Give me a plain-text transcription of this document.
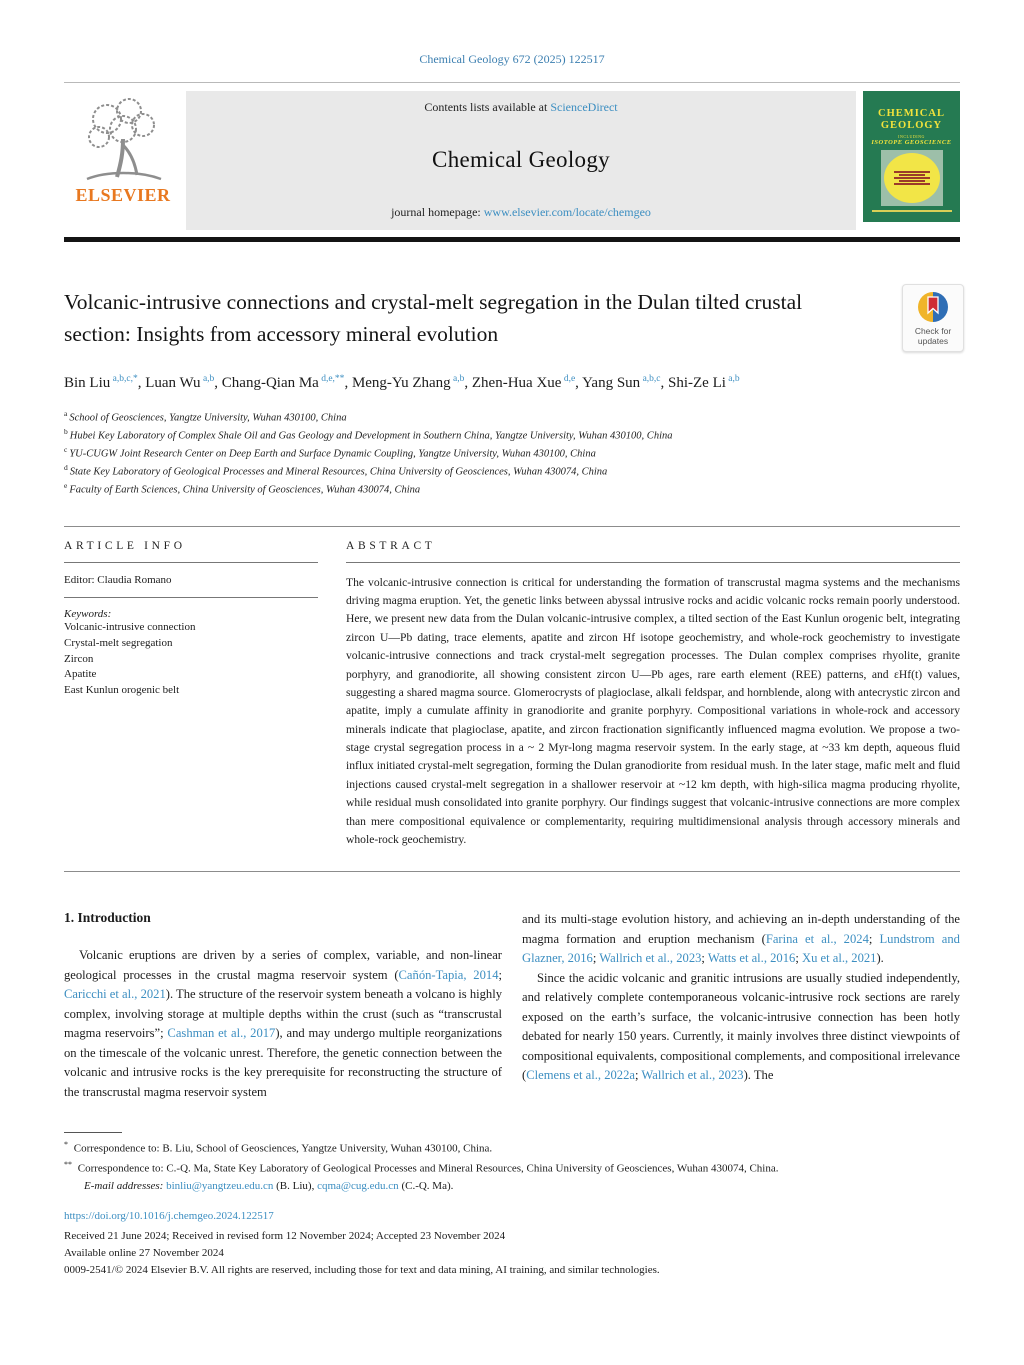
Chemical Geology 672 (2025) 122517
ELSEVIER
Contents lists available at ScienceDirect
Chemical Geology
journal homepage: www.elsevier.com/locate/chemgeo
CHEMICAL
GEOLOGY
INCLUDING
ISOTOPE GEOSCIENCE
Volcanic-intrusive connections and crystal-melt segregation in the Dulan tilted crustal section: Insights from accessory mineral evolution	Check for
updates
Bin Liu $^{a,b,c,*}$, Luan Wu $^{a,b}$, Chang-Qian Ma $^{d,e,**}$, Meng-Yu Zhang $^{a,b}$, Zhen-Hua Xue $^{d,e}$, Yang Sun $^{a,b,c}$, Shi-Ze Li $^{a,b}$
$^a$ School of Geosciences, Yangtze University, Wuhan 430100, China
$^b$ Hubei Key Laboratory of Complex Shale Oil and Gas Geology and Development in Southern China, Yangtze University, Wuhan 430100, China
$^c$ YU-CUGW Joint Research Center on Deep Earth and Surface Dynamic Coupling, Yangtze University, Wuhan 430100, China
$^d$ State Key Laboratory of Geological Processes and Mineral Resources, China University of Geosciences, Wuhan 430074, China
$^e$ Faculty of Earth Sciences, China University of Geosciences, Wuhan 430074, China
ARTICLE INFO
Editor: Claudia Romano
Keywords:
Volcanic-intrusive connection
Crystal-melt segregation
Zircon
Apatite
East Kunlun orogenic belt
ABSTRACT
The volcanic-intrusive connection is critical for understanding the formation of transcrustal magma systems and the mechanisms driving magma eruption. Yet, the genetic links between abyssal intrusive rocks and acidic volcanic rocks remain poorly understood. Here, we present new data from the Dulan volcanic-intrusive complex, a tilted section of the East Kunlun orogenic belt, integrating zircon U—Pb dating, trace elements, apatite and zircon Hf isotope geochemistry, and whole-rock geochemistry to investigate volcanic-intrusive connections and track crystal-melt segregation processes. The Dulan complex comprises rhyolite, granite porphyry, and granodiorite, all showing consistent zircon U—Pb ages, rare earth element (REE) patterns, and εHf(t) values, suggesting a shared magma source. Glomerocrysts of plagioclase, alkali feldspar, and hornblende, along with antecrystic zircon and apatite, imply a cumulate affinity in granodiorite and granite porphyry. Compositional variations in whole-rock and accessory minerals indicate that plagioclase, apatite, and zircon fractionation significantly influenced magma evolution. We propose a two-stage crystal segregation process in a ~ 2 Myr-long magma reservoir system. In the early stage, at ~33 km depth, aqueous fluid influx initiated crystal-melt segregation, forming the Dulan granodiorite from residual mush. In the later stage, mafic melt and fluid injections caused crystal-melt segregation in a shallower reservoir at ~12 km depth, with high-silica magma producing rhyolite, while residual mush consolidated into granite porphyry. Our findings suggest that volcanic-intrusive connections are more complex than mere compositional equivalence or complementarity, requiring multidimensional analysis through accessory minerals and whole-rock geochemistry.
1. Introduction

Volcanic eruptions are driven by a series of complex, variable, and non-linear geological processes in the crustal magma reservoir system (Cañón-Tapia, 2014; Caricchi et al., 2021). The structure of the reservoir system beneath a volcano is highly complex, involving storage at multiple depths within the crust (such as “transcrustal magma reservoirs”; Cashman et al., 2017), and may undergo multiple reorganizations on the timescale of the volcanic unrest. Therefore, the genetic connection between the volcanic and intrusive rocks is the key prerequisite for reconstructing the structure of the transcrustal magma reservoir system

and its multi-stage evolution history, and achieving an in-depth understanding of the magma formation and eruption mechanism (Farina et al., 2024; Lundstrom and Glazner, 2016; Wallrich et al., 2023; Watts et al., 2016; Xu et al., 2021).

Since the acidic volcanic and granitic intrusions are usually studied independently, and relatively complete contemporaneous volcanic-intrusive rock sections are rarely exposed on the earth’s surface, the volcanic-intrusive connection has been hotly debated for nearly 150 years. Currently, it mainly involves three distinct viewpoints of compositional equivalents, compositional complements, and compositional irrelevance (Clemens et al., 2022a; Wallrich et al., 2023). The

* Correspondence to: B. Liu, School of Geosciences, Yangtze University, Wuhan 430100, China.
** Correspondence to: C.-Q. Ma, State Key Laboratory of Geological Processes and Mineral Resources, China University of Geosciences, Wuhan 430074, China.
E-mail addresses: binliu@yangtzeu.edu.cn (B. Liu), cqma@cug.edu.cn (C.-Q. Ma).
https://doi.org/10.1016/j.chemgeo.2024.122517
Received 21 June 2024; Received in revised form 12 November 2024; Accepted 23 November 2024
Available online 27 November 2024
0009-2541/© 2024 Elsevier B.V. All rights are reserved, including those for text and data mining, AI training, and similar technologies.
